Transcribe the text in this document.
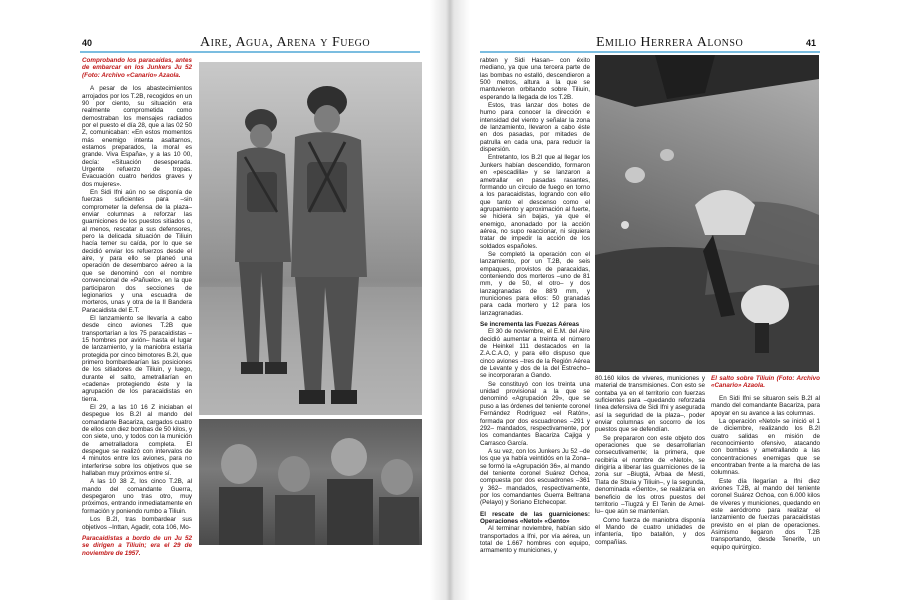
40	Aire, Agua, Arena y Fuego

Comprobando los paracaídas, antes de embarcar en los Junkers Ju 52 (Foto: Archivo «Canario» Azaola.

A pesar de los abastecimientos arrojados por los T.2B, recogidos en un 90 por ciento, su situación era realmente comprometida como demostraban los mensajes radiados por el puesto el día 28, que a las 02 50 Z, comunicaban: «En estos momentos más enemigo intenta asaltarnos, estamos preparados, la moral es grande. Viva España», y a las 10 00, decía: «Situación desesperada. Urgente refuerzo de tropas. Evacuación cuatro heridos graves y dos mujeres».

En Sidi Ifni aún no se disponía de fuerzas suficientes para –sin comprometer la defensa de la plaza– enviar columnas a reforzar las guarniciones de los puestos sitiados o, al menos, rescatar a sus defensores, pero la delicada situación de Tiliuin hacía temer su caída, por lo que se decidió enviar los refuerzos desde el aire, y para ello se planeó una operación de desembarco aéreo a la que se denominó con el nombre convencional de «Pañuelo», en la que participaron dos secciones de legionarios y una escuadra de morteros, unas y otra de la II Bandera Paracaidista del E.T.

El lanzamiento se llevaría a cabo desde cinco aviones T.2B que transportarían a los 75 paracaidistas –15 hombres por avión– hasta el lugar de lanzamiento, y la maniobra estaría protegida por cinco bimotores B.2I, que primero bombardearían las posiciones de los sitiadores de Tiliuin, y luego, durante el salto, ametrallarían en «cadena» protegiendo éste y la agrupación de los paracaidistas en tierra.

El 29, a las 10 16 Z iniciaban el despegue los B.2I al mando del comandante Bacariza, cargados cuatro de ellos con diez bombas de 50 kilos, y con siete, uno, y todos con la munición de ametralladora completa. El despegue se realizó con intervalos de 4 minutos entre los aviones, para no interferirse sobre los objetivos que se hallaban muy próximos entre sí.

A las 10 38 Z, los cinco T.2B, al mando del comandante Guerra, despegaron uno tras otro, muy próximos, entrando inmediatamente en formación y poniendo rumbo a Tiliuin.

Los B.2I, tras bombardear sus objetivos –Inttan, Agadir, cota 106, Mo-

Paracaidistas a bordo de un Ju 52 se dirigen a Tiliuin; era el 29 de noviembre de 1957.

Emilio Herrera Alonso	41

rabten y Sidi Hasan– con éxito mediano, ya que una tercera parte de las bombas no estalló, descendieron a 500 metros, altura a la que se mantuvieron orbitando sobre Tiliuin, esperando la llegada de los T.2B.

Estos, tras lanzar dos botes de humo para conocer la dirección e intensidad del viento y señalar la zona de lanzamiento, llevaron a cabo éste en dos pasadas, por mitades de patrulla en cada una, para reducir la dispersión.

Entretanto, los B.2I que al llegar los Junkers habían descendido, formaron en «pescadilla» y se lanzaron a ametrallar en pasadas rasantes, formando un círculo de fuego en torno a los paracaidistas, logrando con ello que tanto el descenso como el agrupamiento y aproximación al fuerte, se hiciera sin bajas, ya que el enemigo, anonadado por la acción aérea, no supo reaccionar, ni siquiera tratar de impedir la acción de los soldados españoles.

Se completó la operación con el lanzamiento, por un T.2B, de seis empaques, provistos de paracaídas, conteniendo dos morteros –uno de 81 mm, y de 50, el otro– y dos lanzagranadas de 88'9 mm, y municiones para ellos: 50 granadas para cada mortero y 12 para los lanzagranadas.

Se incrementa las Fuezas Aéreas

El 30 de noviembre, el E.M. del Aire decidió aumentar a treinta el número de Heinkel 111 destacados en la Z.A.C.A.O, y para ello dispuso que cinco aviones –tres de la Región Aérea de Levante y dos de la del Estrecho– se incorporaran a Gando.

Se constituyó con los treinta una unidad provisional a la que se denominó «Agrupación 29», que se puso a las órdenes del teniente coronel Fernández Rodríguez «el Ratón», formada por dos escuadrones –291 y 292– mandados, respectivamente, por los comandantes Bacariza Cajiga y Carrasco García.

A su vez, con los Junkers Ju 52 –de los que ya había veintidós en la Zona– se formó la «Agrupación 36», al mando del teniente coronel Suárez Ochoa, compuesta por dos escuadrones –361 y 362– mandados, respectivamente, por los comandantes Guerra Beltrana (Pelayo) y Soriano Etchecopar.

El rescate de las guarniciones: Operaciones «Netol» «Gento»

Al terminar noviembre, habían sido transportados a Ifni, por vía aérea, un total de 1.667 hombres con equipo, armamento y municiones, y

80.160 kilos de víveres, municiones y material de transmisiones. Con esto se contaba ya en el territorio con fuerzas suficientes para –quedando reforzada línea defensiva de Sidi Ifni y asegurada así la seguridad de la plaza–, poder enviar columnas en socorro de los puestos que se defendían.

Se prepararon con este objeto dos operaciones que se desarrollarían consecutivamente; la primera, que recibiría el nombre de «Netol», se dirigiría a liberar las guarniciones de la zona sur –Biugtá, Arbaa de Mesti, Tlata de Sbuia y Tiliuin–, y la segunda, denominada «Gento», se realizaría en beneficio de los otros puestos del territorio –Tiugzá y El Tenin de Amel-lu– que aún se mantenían.

Como fuerza de maniobra disponía el Mando de cuatro unidades de infantería, tipo batallón, y dos compañías.

El salto sobre Tiliuin (Foto: Archivo «Canario» Azaola.

En Sidi Ifni se situaron seis B.2I al mando del comandante Bacariza, para apoyar en su avance a las columnas.

La operación «Netol» se inició el 1 de diciembre, realizando los B.2I cuatro salidas en misión de reconocimiento ofensivo, atacando con bombas y ametrallando a las concentraciones enemigas que se encontraban frente a la marcha de las columnas.

Este día llegarían a Ifni diez aviones T.2B, al mando del teniente coronel Suárez Ochoa, con 6.000 kilos de víveres y municiones, quedando en este aeródromo para realizar el lanzamiento de fuerzas paracaidistas previsto en el plan de operaciones. Asimismo llegaron dos T.2B transportando, desde Tenerife, un equipo quirúrgico.
